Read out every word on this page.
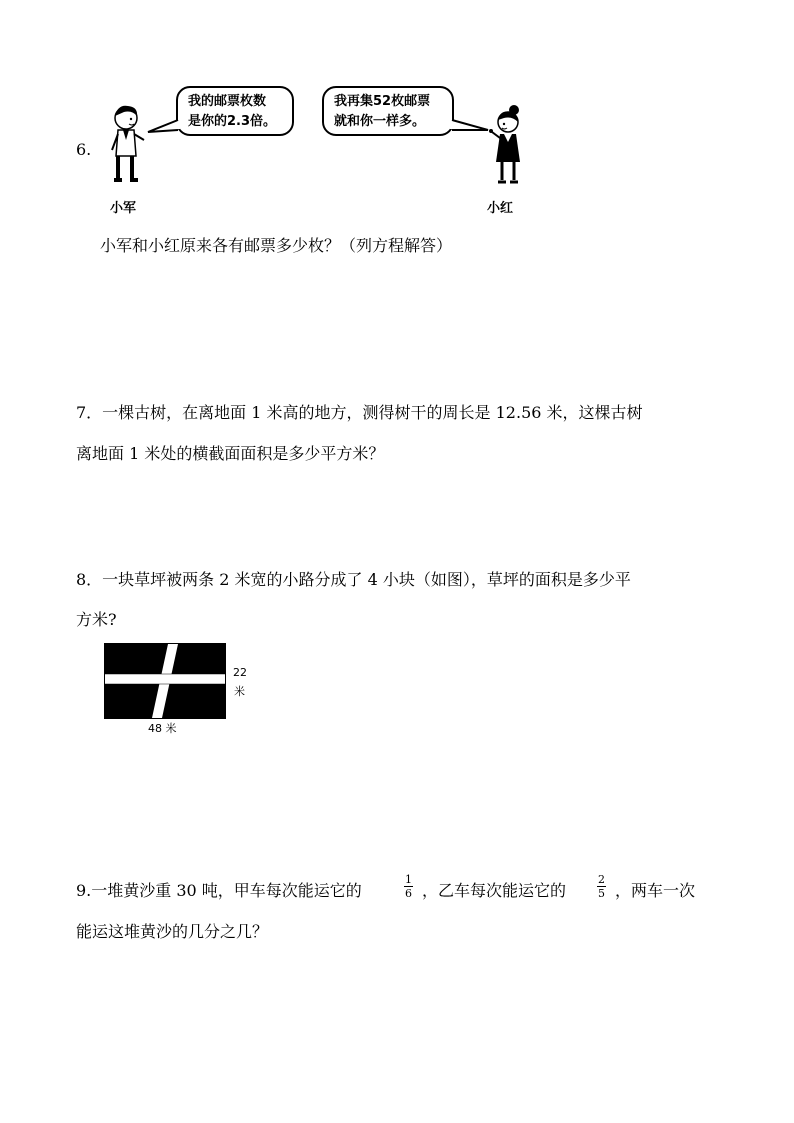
6.
我的邮票枚数
是你的2.3倍。
我再集52枚邮票
就和你一样多。
小军	小红
小军和小红原来各有邮票多少枚？（列方程解答）
7．一棵古树，在离地面 1 米高的地方，测得树干的周长是 12.56 米，这棵古树
离地面 1 米处的横截面面积是多少平方米？
8．一块草坪被两条 2 米宽的小路分成了 4 小块（如图），草坪的面积是多少平
方米?
22
米
48 米
9.一堆黄沙重 30 吨，甲车每次能运它的	$\frac{1}{6}$ ，乙车每次能运它的	$\frac{2}{5}$ ，两车一次
能运这堆黄沙的几分之几？
